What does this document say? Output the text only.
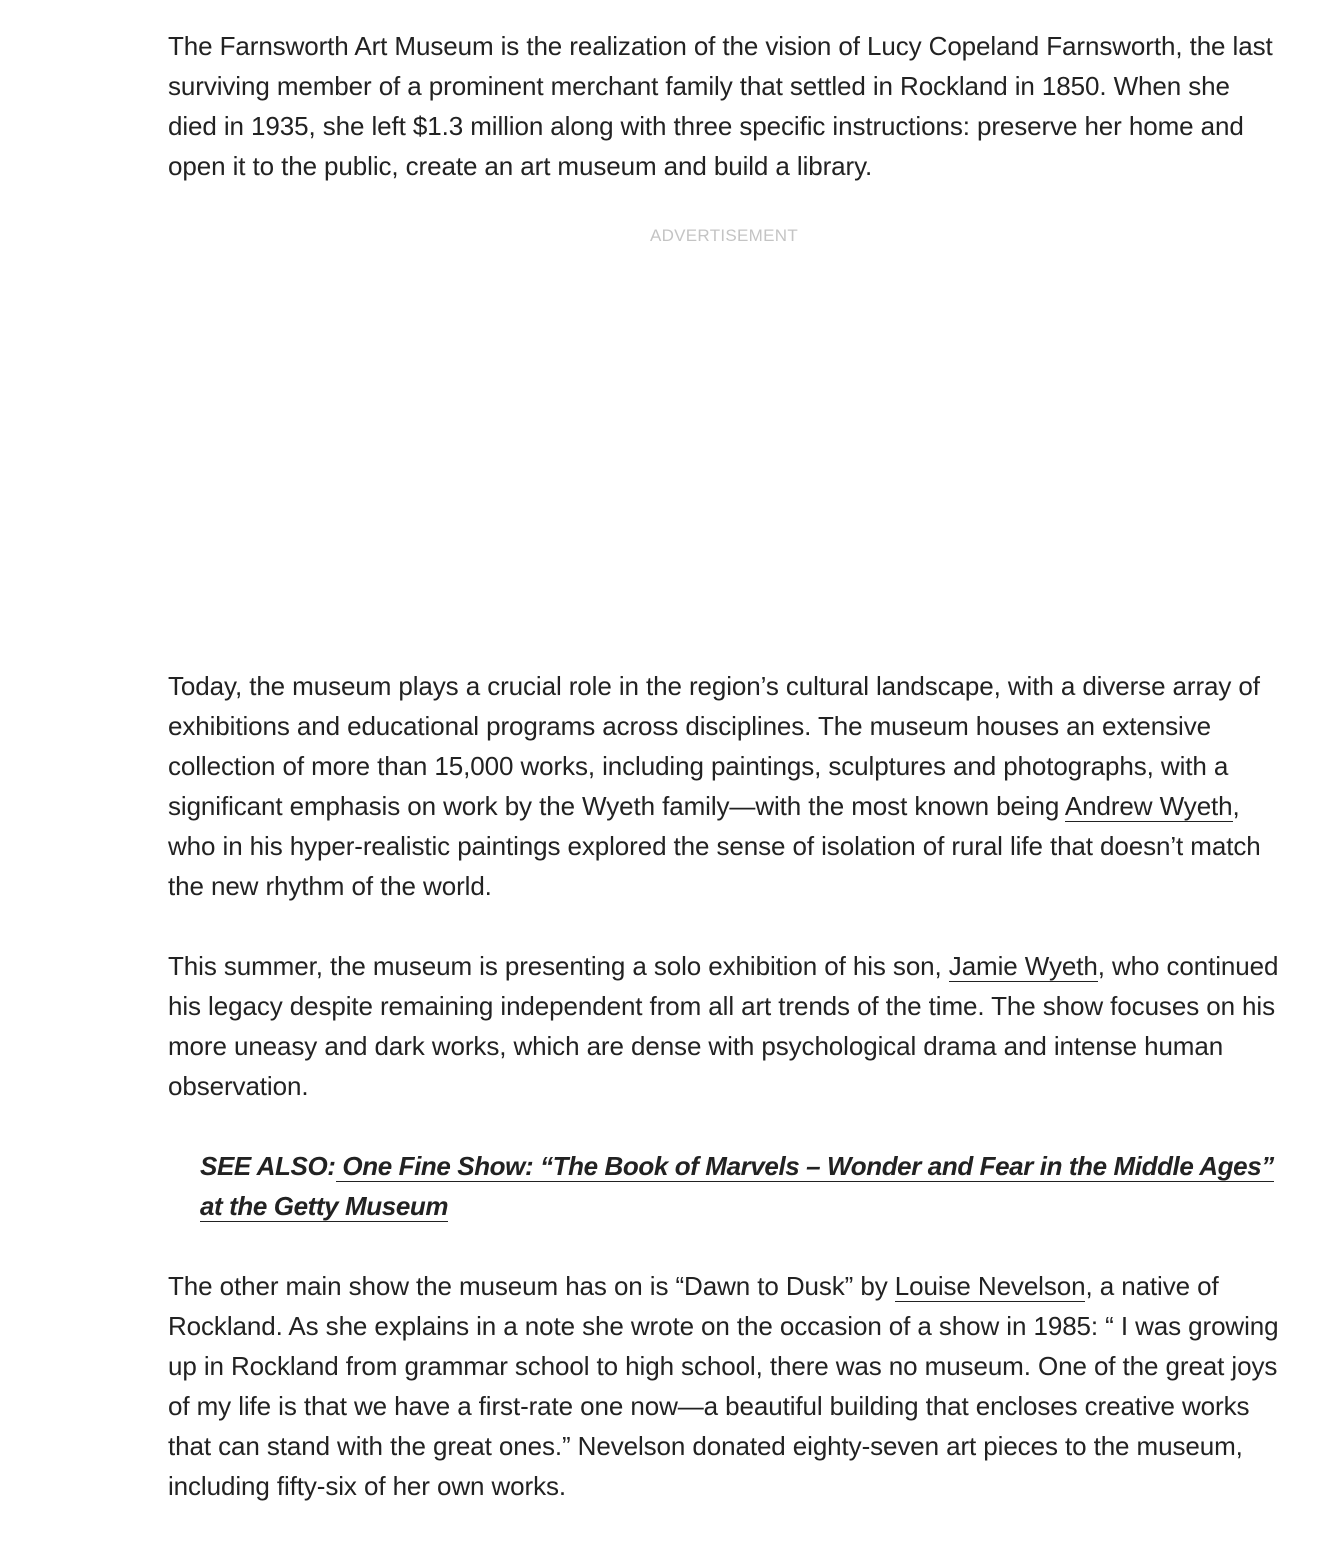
The Farnsworth Art Museum is the realization of the vision of Lucy Copeland Farnsworth, the last surviving member of a prominent merchant family that settled in Rockland in 1850. When she died in 1935, she left $1.3 million along with three specific instructions: preserve her home and open it to the public, create an art museum and build a library.

ADVERTISEMENT

Today, the museum plays a crucial role in the region’s cultural landscape, with a diverse array of exhibitions and educational programs across disciplines. The museum houses an extensive collection of more than 15,000 works, including paintings, sculptures and photographs, with a significant emphasis on work by the Wyeth family—with the most known being Andrew Wyeth, who in his hyper-realistic paintings explored the sense of isolation of rural life that doesn’t match the new rhythm of the world.

This summer, the museum is presenting a solo exhibition of his son, Jamie Wyeth, who continued his legacy despite remaining independent from all art trends of the time. The show focuses on his more uneasy and dark works, which are dense with psychological drama and intense human observation.

SEE ALSO: One Fine Show: “The Book of Marvels – Wonder and Fear in the Middle Ages” at the Getty Museum

The other main show the museum has on is “Dawn to Dusk” by Louise Nevelson, a native of Rockland. As she explains in a note she wrote on the occasion of a show in 1985: “ I was growing up in Rockland from grammar school to high school, there was no museum. One of the great joys of my life is that we have a first-rate one now—a beautiful building that encloses creative works that can stand with the great ones.” Nevelson donated eighty-seven art pieces to the museum, including fifty-six of her own works.
